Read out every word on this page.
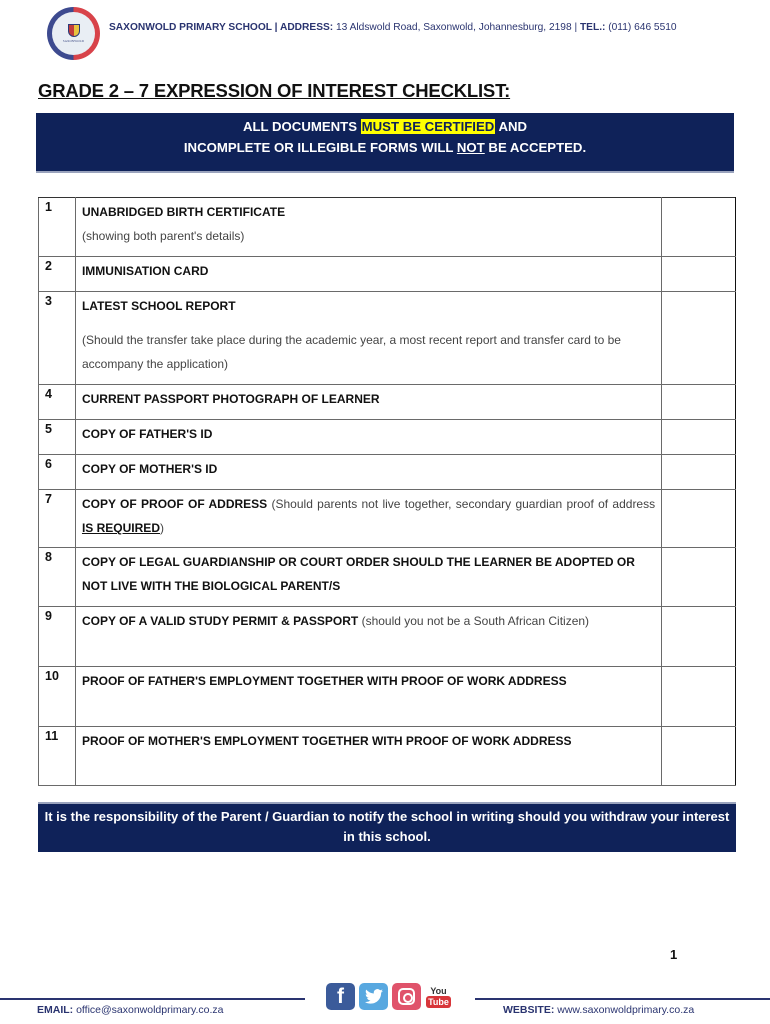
SAXONWOLD
SAXONWOLD PRIMARY SCHOOL | ADDRESS: 13 Aldswold Road, Saxonwold, Johannesburg, 2198 | TEL.: (011) 646 5510
GRADE 2 – 7 EXPRESSION OF INTEREST CHECKLIST:
ALL DOCUMENTS MUST BE CERTIFIED AND
INCOMPLETE OR ILLEGIBLE FORMS WILL NOT BE ACCEPTED.
1	UNABRIDGED BIRTH CERTIFICATE
(showing both parent's details)	
2	IMMUNISATION CARD	
3	LATEST SCHOOL REPORT
(Should the transfer take place during the academic year, a most recent report and transfer card to be accompany the application)	

4	CURRENT PASSPORT PHOTOGRAPH OF LEARNER	
5	COPY OF FATHER'S ID	
6	COPY OF MOTHER'S ID	
7	COPY OF PROOF OF ADDRESS (Should parents not live together, secondary guardian proof of address IS REQUIRED)	
8	COPY OF LEGAL GUARDIANSHIP OR COURT ORDER SHOULD THE LEARNER BE ADOPTED OR NOT LIVE WITH THE BIOLOGICAL PARENT/S	
9	COPY OF A VALID STUDY PERMIT & PASSPORT (should you not be a South African Citizen)	
10	PROOF OF FATHER'S EMPLOYMENT TOGETHER WITH PROOF OF WORK ADDRESS	
11	PROOF OF MOTHER'S EMPLOYMENT TOGETHER WITH PROOF OF WORK ADDRESS	
It is the responsibility of the Parent / Guardian to notify the school in writing should you withdraw your interest in this school.
1
EMAIL: office@saxonwoldprimary.co.za
f	You
Tube
WEBSITE: www.saxonwoldprimary.co.za
